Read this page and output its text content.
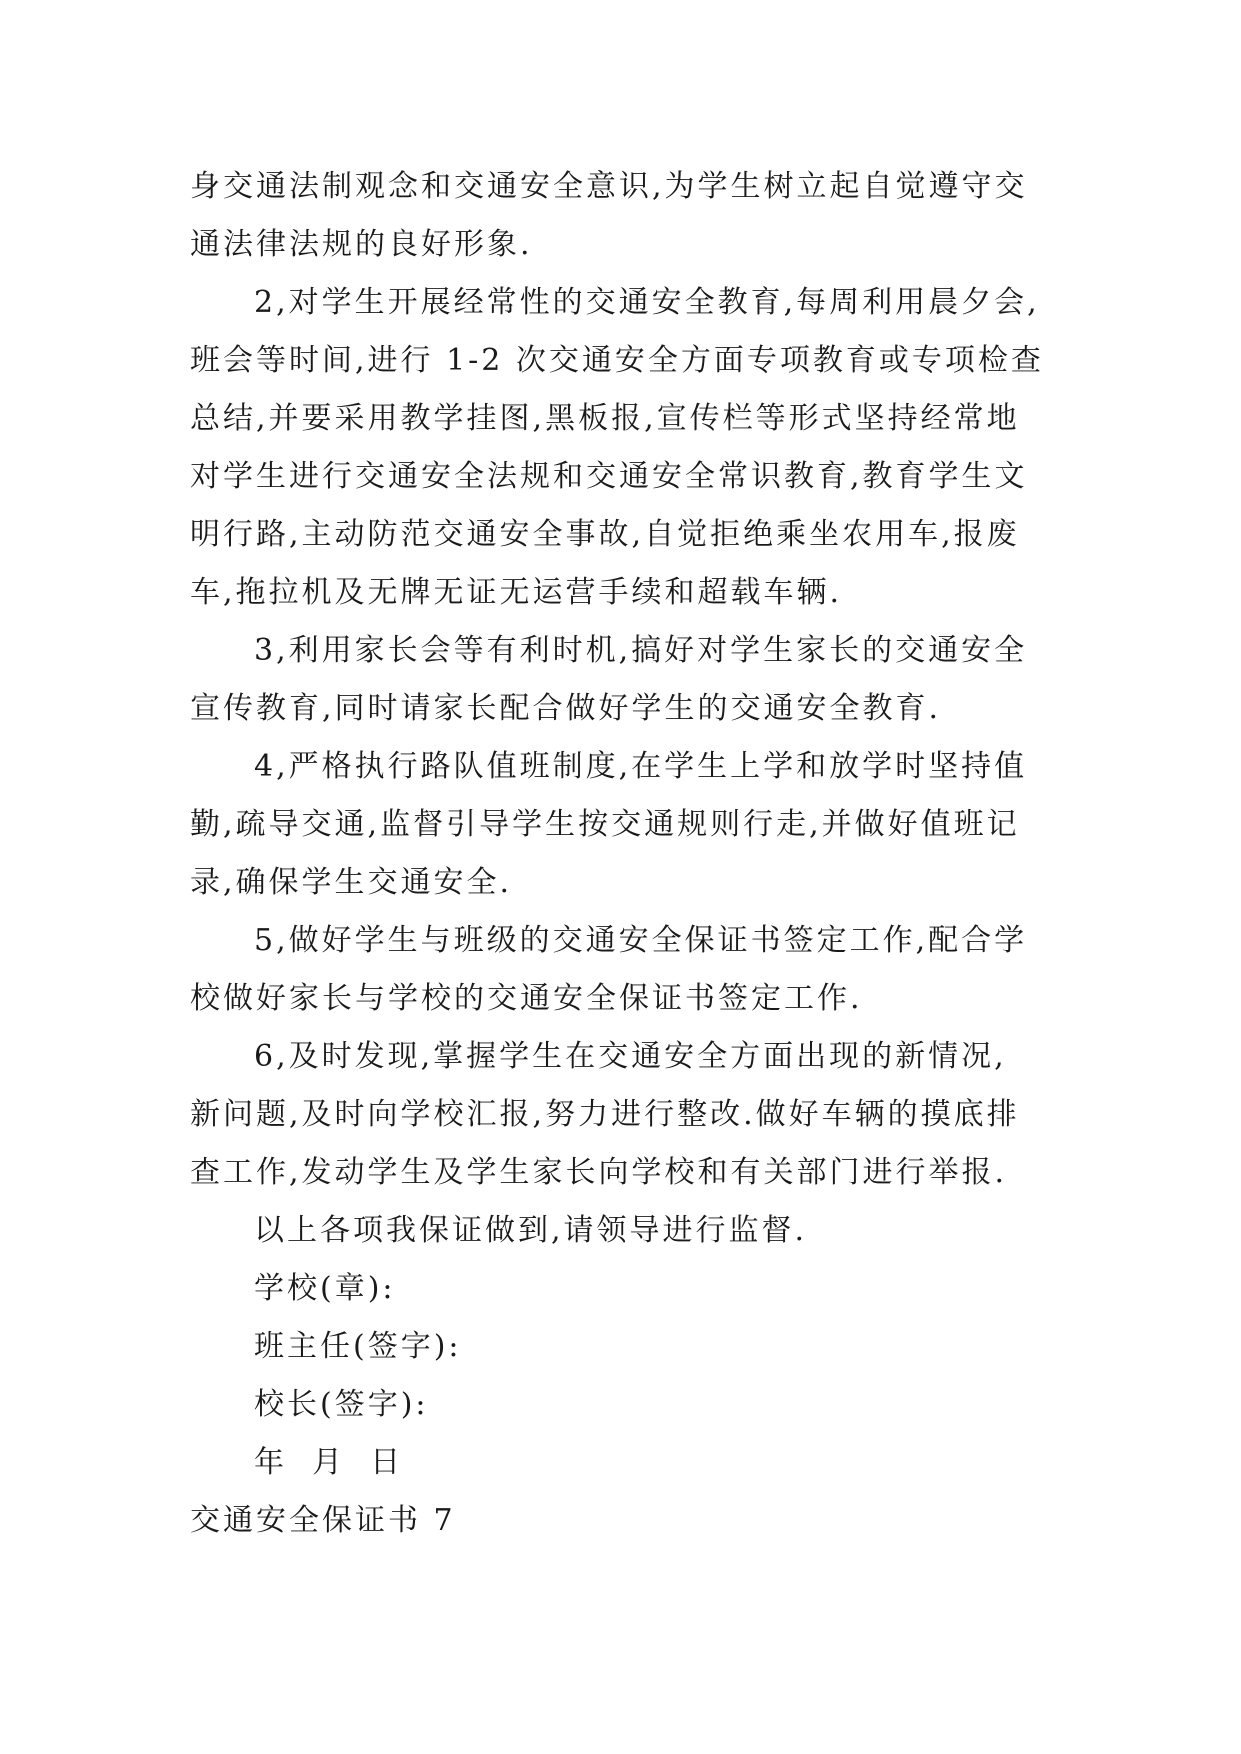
身交通法制观念和交通安全意识,为学生树立起自觉遵守交
通法律法规的良好形象.
2,对学生开展经常性的交通安全教育,每周利用晨夕会,
班会等时间,进行 1-2 次交通安全方面专项教育或专项检查
总结,并要采用教学挂图,黑板报,宣传栏等形式坚持经常地
对学生进行交通安全法规和交通安全常识教育,教育学生文
明行路,主动防范交通安全事故,自觉拒绝乘坐农用车,报废
车,拖拉机及无牌无证无运营手续和超载车辆.
3,利用家长会等有利时机,搞好对学生家长的交通安全
宣传教育,同时请家长配合做好学生的交通安全教育.
4,严格执行路队值班制度,在学生上学和放学时坚持值
勤,疏导交通,监督引导学生按交通规则行走,并做好值班记
录,确保学生交通安全.
5,做好学生与班级的交通安全保证书签定工作,配合学
校做好家长与学校的交通安全保证书签定工作.
6,及时发现,掌握学生在交通安全方面出现的新情况,
新问题,及时向学校汇报,努力进行整改.做好车辆的摸底排
查工作,发动学生及学生家长向学校和有关部门进行举报.
以上各项我保证做到,请领导进行监督.
学校(章):
班主任(签字):
校长(签字):
年  月  日
交通安全保证书 7
